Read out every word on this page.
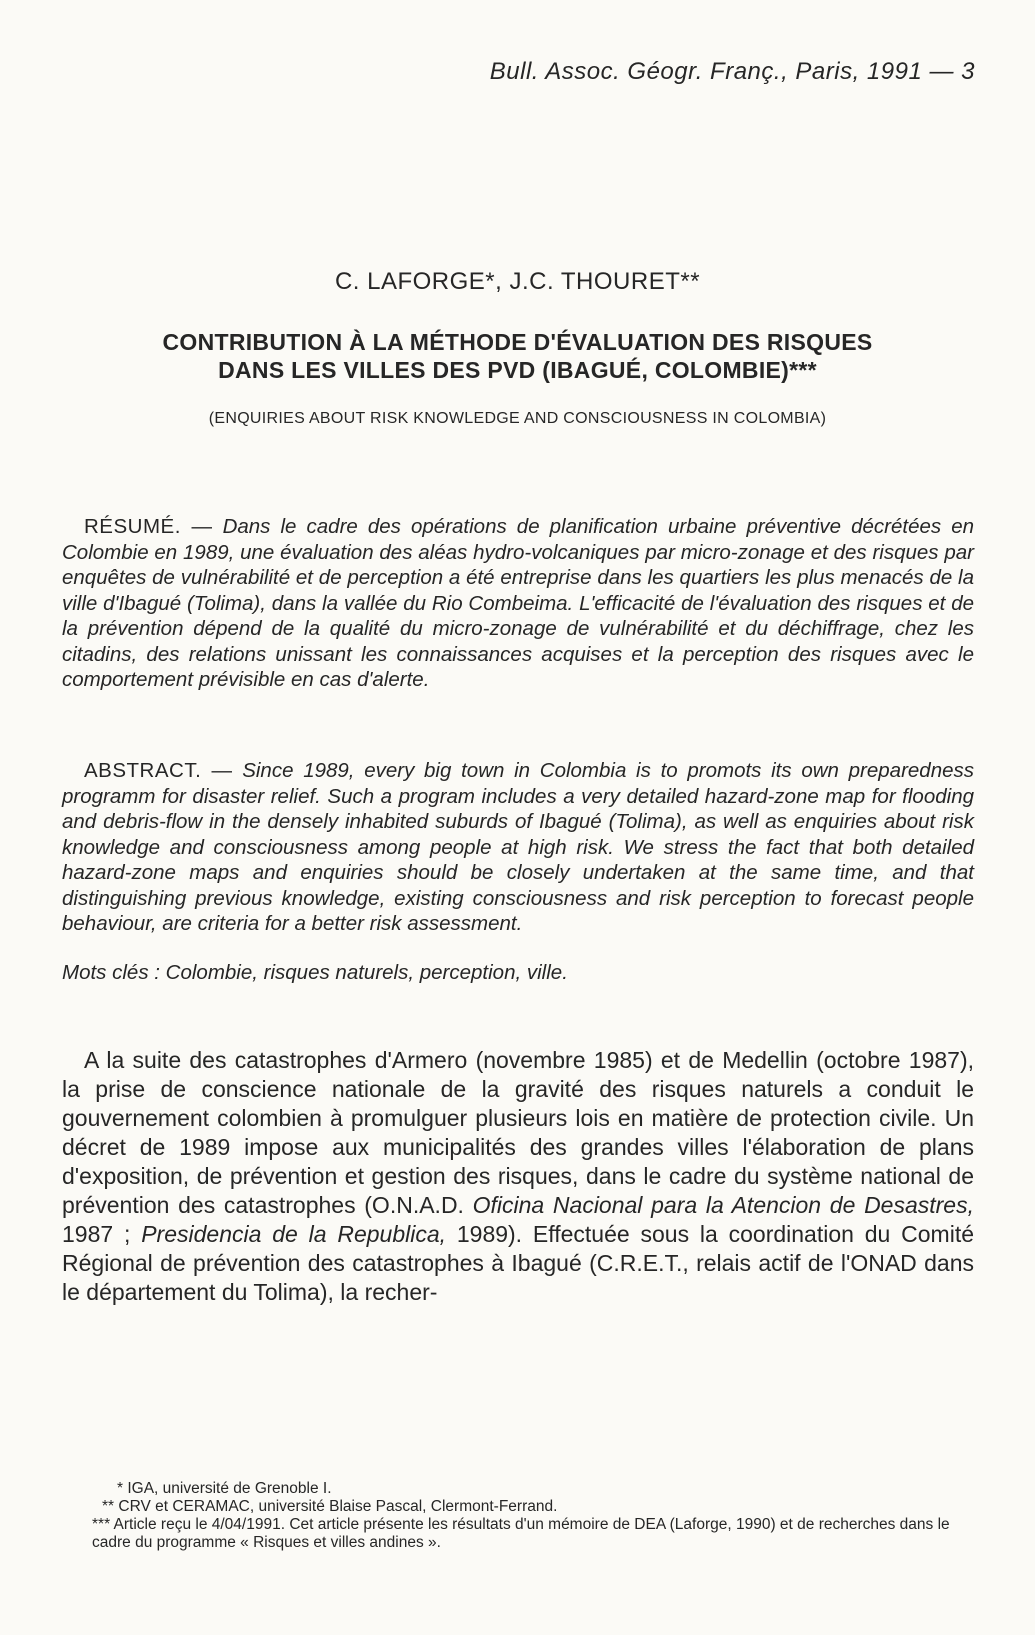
Bull. Assoc. Géogr. Franç., Paris, 1991 — 3
C. LAFORGE*, J.C. THOURET**
CONTRIBUTION À LA MÉTHODE D'ÉVALUATION DES RISQUES
DANS LES VILLES DES PVD (IBAGUÉ, COLOMBIE)***
(ENQUIRIES ABOUT RISK KNOWLEDGE AND CONSCIOUSNESS IN COLOMBIA)
RÉSUMÉ. — Dans le cadre des opérations de planification urbaine préventive décrétées en Colombie en 1989, une évaluation des aléas hydro-volcaniques par micro-zonage et des risques par enquêtes de vulnérabilité et de perception a été entreprise dans les quartiers les plus menacés de la ville d'Ibagué (Tolima), dans la vallée du Rio Combeima. L'efficacité de l'évaluation des risques et de la prévention dépend de la qualité du micro-zonage de vulnérabilité et du déchiffrage, chez les citadins, des relations unissant les connaissances acquises et la perception des risques avec le comportement prévisible en cas d'alerte.
ABSTRACT. — Since 1989, every big town in Colombia is to promots its own preparedness programm for disaster relief. Such a program includes a very detailed hazard-zone map for flooding and debris-flow in the densely inhabited suburds of Ibagué (Tolima), as well as enquiries about risk knowledge and consciousness among people at high risk. We stress the fact that both detailed hazard-zone maps and enquiries should be closely undertaken at the same time, and that distinguishing previous knowledge, existing consciousness and risk perception to forecast people behaviour, are criteria for a better risk assessment.
Mots clés : Colombie, risques naturels, perception, ville.
A la suite des catastrophes d'Armero (novembre 1985) et de Medellin (octobre 1987), la prise de conscience nationale de la gravité des risques naturels a conduit le gouvernement colombien à promulguer plusieurs lois en matière de protection civile. Un décret de 1989 impose aux municipalités des grandes villes l'élaboration de plans d'exposition, de prévention et gestion des risques, dans le cadre du système national de prévention des catastrophes (O.N.A.D. Oficina Nacional para la Atencion de Desastres, 1987 ; Presidencia de la Republica, 1989). Effectuée sous la coordination du Comité Régional de prévention des catastrophes à Ibagué (C.R.E.T., relais actif de l'ONAD dans le département du Tolima), la recher-
* IGA, université de Grenoble I.
** CRV et CERAMAC, université Blaise Pascal, Clermont-Ferrand.
*** Article reçu le 4/04/1991. Cet article présente les résultats d'un mémoire de DEA (Laforge, 1990) et de recherches dans le cadre du programme « Risques et villes andines ».
